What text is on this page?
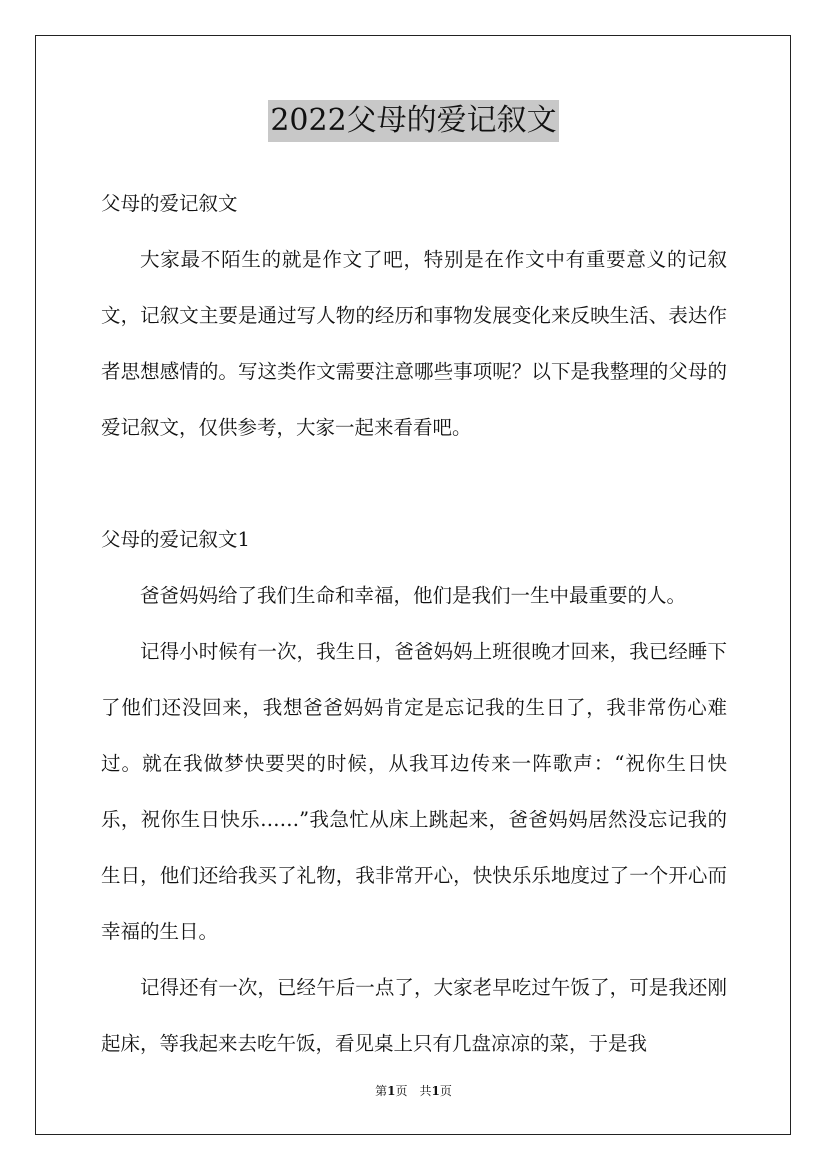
2022父母的爱记叙文

父母的爱记叙文

大家最不陌生的就是作文了吧，特别是在作文中有重要意义的记叙文，记叙文主要是通过写人物的经历和事物发展变化来反映生活、表达作者思想感情的。写这类作文需要注意哪些事项呢？以下是我整理的父母的爱记叙文，仅供参考，大家一起来看看吧。

父母的爱记叙文1

爸爸妈妈给了我们生命和幸福，他们是我们一生中最重要的人。

记得小时候有一次，我生日，爸爸妈妈上班很晚才回来，我已经睡下了他们还没回来，我想爸爸妈妈肯定是忘记我的生日了，我非常伤心难过。就在我做梦快要哭的时候，从我耳边传来一阵歌声：“祝你生日快乐，祝你生日快乐……”我急忙从床上跳起来，爸爸妈妈居然没忘记我的生日，他们还给我买了礼物，我非常开心，快快乐乐地度过了一个开心而幸福的生日。

记得还有一次，已经午后一点了，大家老早吃过午饭了，可是我还刚起床，等我起来去吃午饭，看见桌上只有几盘凉凉的菜，于是我

第1页　共1页
